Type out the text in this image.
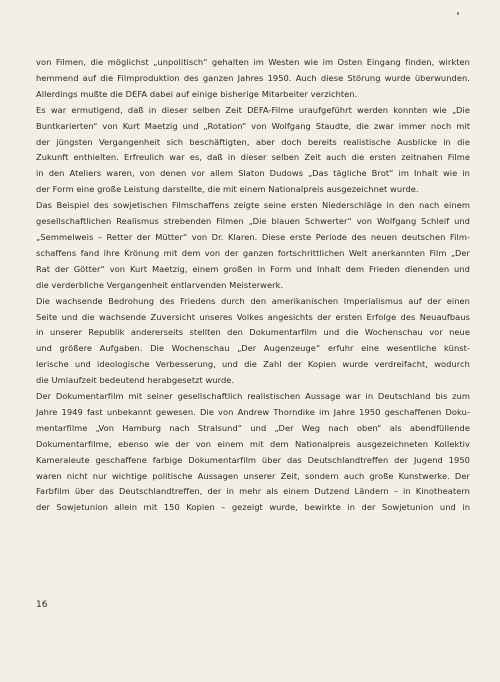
von Filmen, die möglichst „unpolitisch“ gehalten im Westen wie im Osten Eingang finden, wirkten
hemmend auf die Filmproduktion des ganzen Jahres 1950. Auch diese Störung wurde überwunden.
Allerdings mußte die DEFA dabei auf einige bisherige Mitarbeiter verzichten.
Es war ermutigend, daß in dieser selben Zeit DEFA-Filme uraufgeführt werden konnten wie „Die
Buntkarierten“ von Kurt Maetzig und „Rotation“ von Wolfgang Staudte, die zwar immer noch mit
der jüngsten Vergangenheit sich beschäftigten, aber doch bereits realistische Ausblicke in die
Zukunft enthielten. Erfreulich war es, daß in dieser selben Zeit auch die ersten zeitnahen Filme
in den Ateliers waren, von denen vor allem Slaton Dudows „Das tägliche Brot“ im Inhalt wie in
der Form eine große Leistung darstellte, die mit einem Nationalpreis ausgezeichnet wurde.
Das Beispiel des sowjetischen Filmschaffens zeigte seine ersten Niederschläge in den nach einem
gesellschaftlichen Realismus strebenden Filmen „Die blauen Schwerter“ von Wolfgang Schleif und
„Semmelweis – Retter der Mütter“ von Dr. Klaren. Diese erste Periode des neuen deutschen Film-
schaffens fand ihre Krönung mit dem von der ganzen fortschrittlichen Welt anerkannten Film „Der
Rat der Götter“ von Kurt Maetzig, einem großen in Form und Inhalt dem Frieden dienenden und
die verderbliche Vergangenheit entlarvenden Meisterwerk.
Die wachsende Bedrohung des Friedens durch den amerikanischen Imperialismus auf der einen
Seite und die wachsende Zuversicht unseres Volkes angesichts der ersten Erfolge des Neuaufbaus
in unserer Republik andererseits stellten den Dokumentarfilm und die Wochenschau vor neue
und größere Aufgaben. Die Wochenschau „Der Augenzeuge“ erfuhr eine wesentliche künst-
lerische und ideologische Verbesserung, und die Zahl der Kopien wurde verdreifacht, wodurch
die Umlaufzeit bedeutend herabgesetzt wurde.
Der Dokumentarfilm mit seiner gesellschaftlich realistischen Aussage war in Deutschland bis zum
Jahre 1949 fast unbekannt gewesen. Die von Andrew Thorndike im Jahre 1950 geschaffenen Doku-
mentarfilme „Von Hamburg nach Stralsund“ und „Der Weg nach oben“ als abendfüllende
Dokumentarfilme, ebenso wie der von einem mit dem Nationalpreis ausgezeichneten Kollektiv
Kameraleute geschaffene farbige Dokumentarfilm über das Deutschlandtreffen der Jugend 1950
waren nicht nur wichtige politische Aussagen unserer Zeit, sondern auch große Kunstwerke. Der
Farbfilm über das Deutschlandtreffen, der in mehr als einem Dutzend Ländern – in Kinotheatern
der Sowjetunion allein mit 150 Kopien – gezeigt wurde, bewirkte in der Sowjetunion und in
16
